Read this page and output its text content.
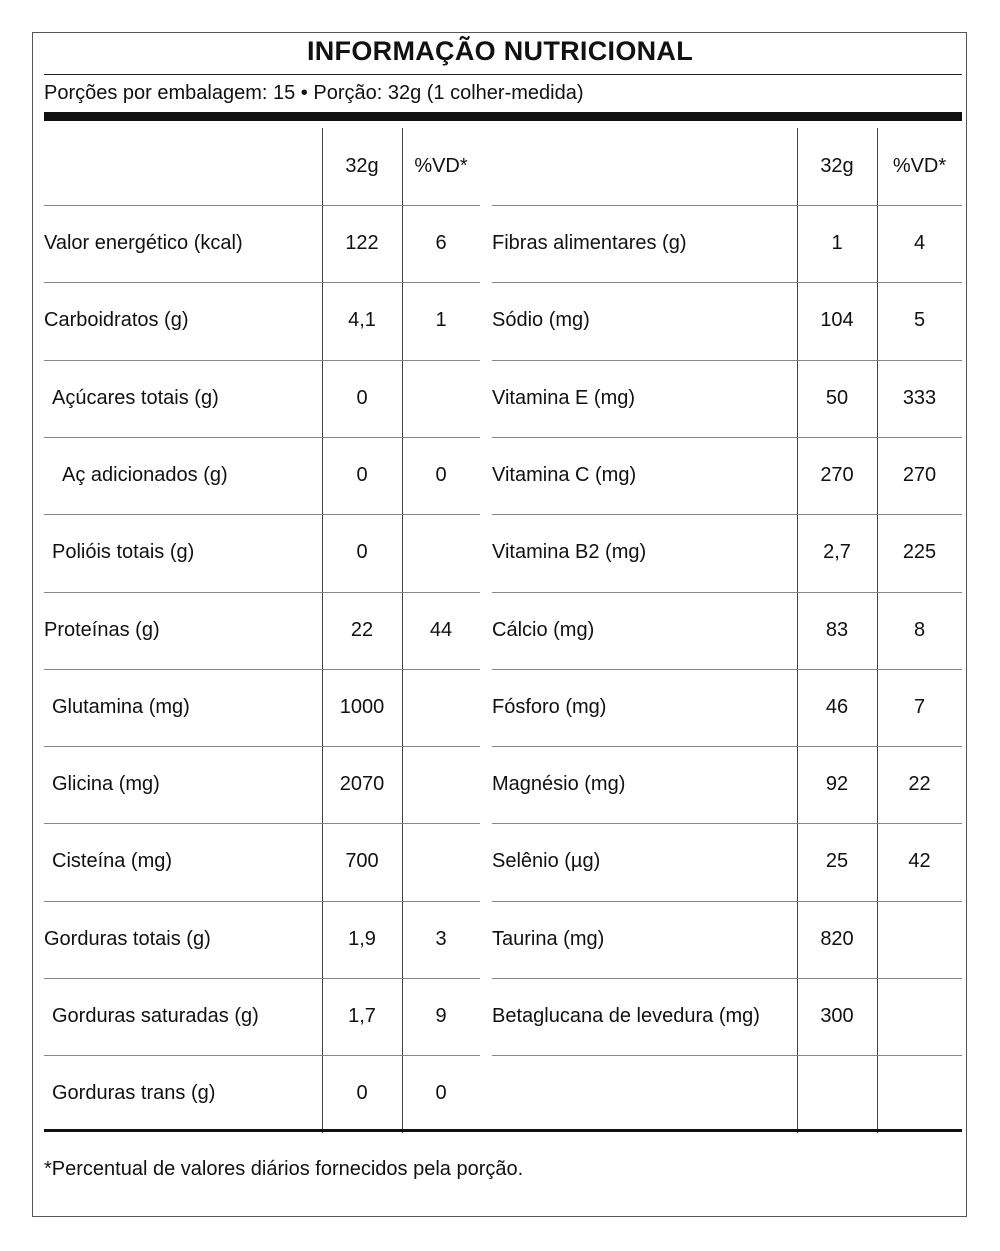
INFORMAÇÃO NUTRICIONAL
Porções por embalagem: 15 • Porção: 32g (1 colher-medida)
32g	%VD*	32g	%VD*
Valor energético (kcal)	122	6
Carboidratos (g)	4,1	1
Açúcares totais (g)	0
Aç adicionados (g)	0	0
Polióis totais (g)	0
Proteínas (g)	22	44
Glutamina (mg)	1000
Glicina (mg)	2070
Cisteína (mg)	700
Gorduras totais (g)	1,9	3
Gorduras saturadas (g)	1,7	9
Gorduras trans (g)	0	0
Fibras alimentares (g)	1	4
Sódio (mg)	104	5
Vitamina E (mg)	50	333
Vitamina C (mg)	270	270
Vitamina B2 (mg)	2,7	225
Cálcio (mg)	83	8
Fósforo (mg)	46	7
Magnésio (mg)	92	22
Selênio (µg)	25	42
Taurina (mg)	820
Betaglucana de levedura (mg)	300
*Percentual de valores diários fornecidos pela porção.
